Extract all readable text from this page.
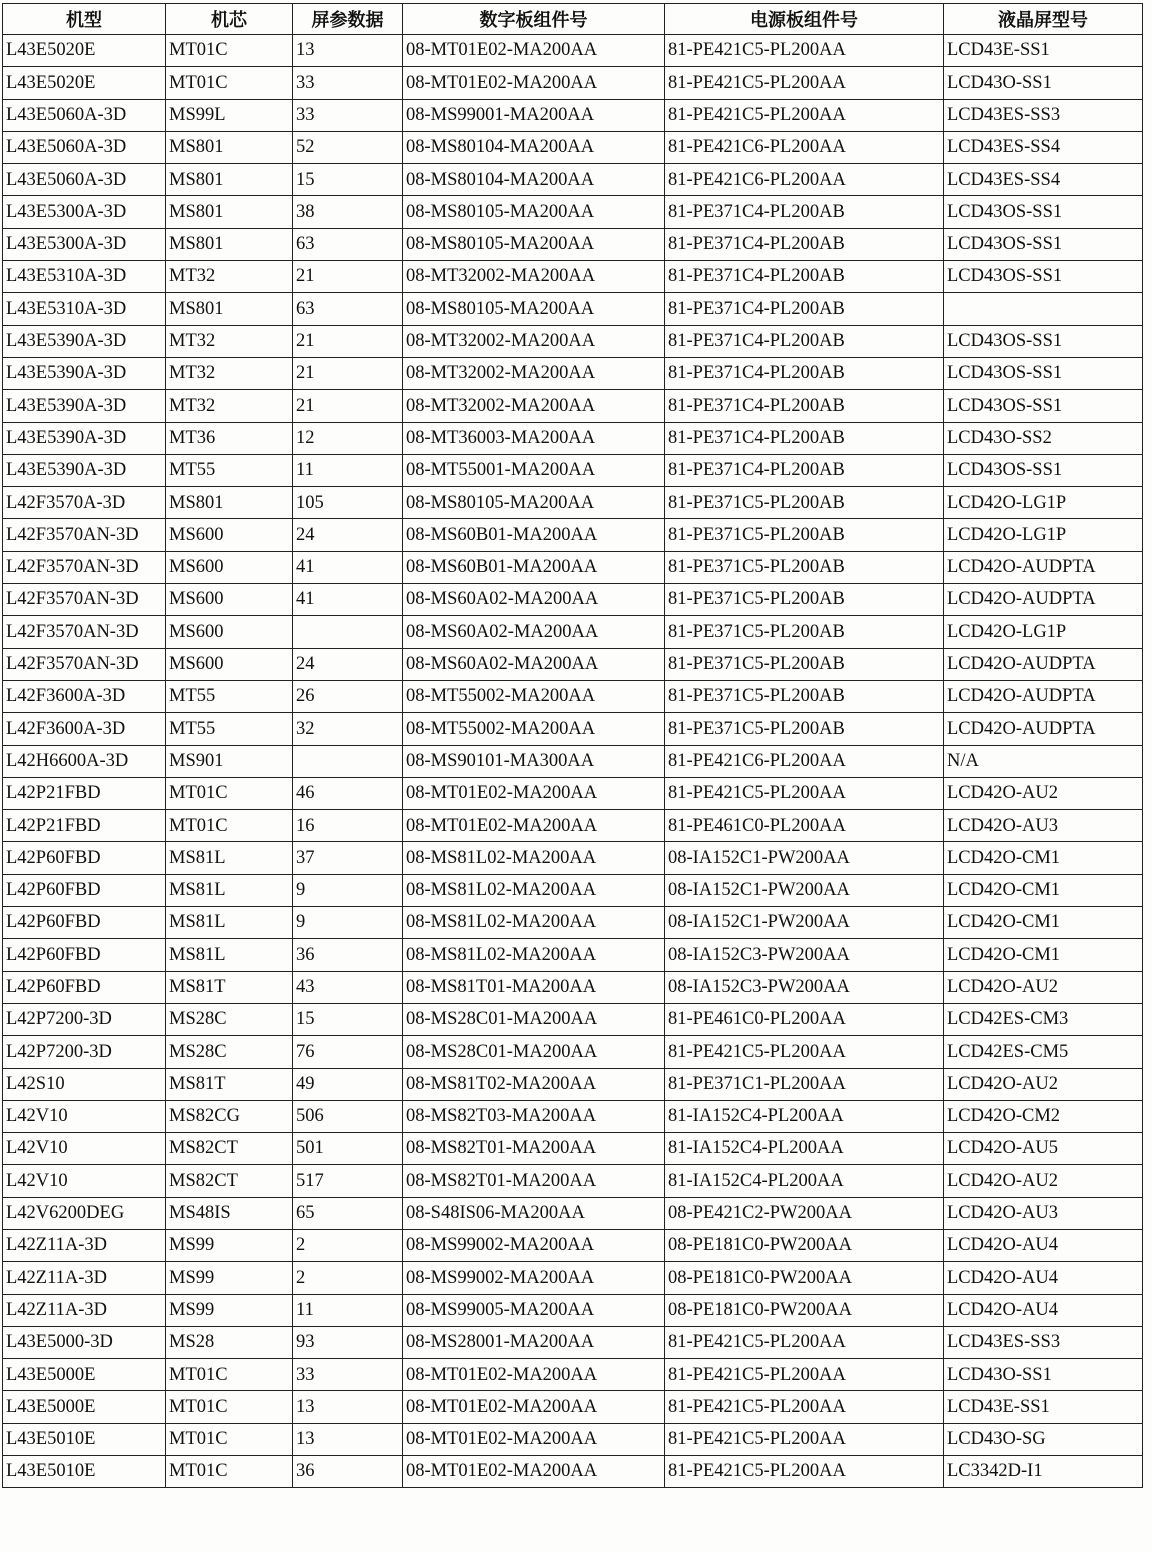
机型	机芯	屏参数据	数字板组件号	电源板组件号	液晶屏型号
L43E5020E	MT01C	13	08-MT01E02-MA200AA	81-PE421C5-PL200AA	LCD43E-SS1
L43E5020E	MT01C	33	08-MT01E02-MA200AA	81-PE421C5-PL200AA	LCD43O-SS1
L43E5060A-3D	MS99L	33	08-MS99001-MA200AA	81-PE421C5-PL200AA	LCD43ES-SS3
L43E5060A-3D	MS801	52	08-MS80104-MA200AA	81-PE421C6-PL200AA	LCD43ES-SS4
L43E5060A-3D	MS801	15	08-MS80104-MA200AA	81-PE421C6-PL200AA	LCD43ES-SS4
L43E5300A-3D	MS801	38	08-MS80105-MA200AA	81-PE371C4-PL200AB	LCD43OS-SS1
L43E5300A-3D	MS801	63	08-MS80105-MA200AA	81-PE371C4-PL200AB	LCD43OS-SS1
L43E5310A-3D	MT32	21	08-MT32002-MA200AA	81-PE371C4-PL200AB	LCD43OS-SS1
L43E5310A-3D	MS801	63	08-MS80105-MA200AA	81-PE371C4-PL200AB	
L43E5390A-3D	MT32	21	08-MT32002-MA200AA	81-PE371C4-PL200AB	LCD43OS-SS1
L43E5390A-3D	MT32	21	08-MT32002-MA200AA	81-PE371C4-PL200AB	LCD43OS-SS1
L43E5390A-3D	MT32	21	08-MT32002-MA200AA	81-PE371C4-PL200AB	LCD43OS-SS1
L43E5390A-3D	MT36	12	08-MT36003-MA200AA	81-PE371C4-PL200AB	LCD43O-SS2
L43E5390A-3D	MT55	11	08-MT55001-MA200AA	81-PE371C4-PL200AB	LCD43OS-SS1
L42F3570A-3D	MS801	105	08-MS80105-MA200AA	81-PE371C5-PL200AB	LCD42O-LG1P
L42F3570AN-3D	MS600	24	08-MS60B01-MA200AA	81-PE371C5-PL200AB	LCD42O-LG1P
L42F3570AN-3D	MS600	41	08-MS60B01-MA200AA	81-PE371C5-PL200AB	LCD42O-AUDPTA
L42F3570AN-3D	MS600	41	08-MS60A02-MA200AA	81-PE371C5-PL200AB	LCD42O-AUDPTA
L42F3570AN-3D	MS600		08-MS60A02-MA200AA	81-PE371C5-PL200AB	LCD42O-LG1P
L42F3570AN-3D	MS600	24	08-MS60A02-MA200AA	81-PE371C5-PL200AB	LCD42O-AUDPTA
L42F3600A-3D	MT55	26	08-MT55002-MA200AA	81-PE371C5-PL200AB	LCD42O-AUDPTA
L42F3600A-3D	MT55	32	08-MT55002-MA200AA	81-PE371C5-PL200AB	LCD42O-AUDPTA
L42H6600A-3D	MS901		08-MS90101-MA300AA	81-PE421C6-PL200AA	N/A
L42P21FBD	MT01C	46	08-MT01E02-MA200AA	81-PE421C5-PL200AA	LCD42O-AU2
L42P21FBD	MT01C	16	08-MT01E02-MA200AA	81-PE461C0-PL200AA	LCD42O-AU3
L42P60FBD	MS81L	37	08-MS81L02-MA200AA	08-IA152C1-PW200AA	LCD42O-CM1
L42P60FBD	MS81L	9	08-MS81L02-MA200AA	08-IA152C1-PW200AA	LCD42O-CM1
L42P60FBD	MS81L	9	08-MS81L02-MA200AA	08-IA152C1-PW200AA	LCD42O-CM1
L42P60FBD	MS81L	36	08-MS81L02-MA200AA	08-IA152C3-PW200AA	LCD42O-CM1
L42P60FBD	MS81T	43	08-MS81T01-MA200AA	08-IA152C3-PW200AA	LCD42O-AU2
L42P7200-3D	MS28C	15	08-MS28C01-MA200AA	81-PE461C0-PL200AA	LCD42ES-CM3
L42P7200-3D	MS28C	76	08-MS28C01-MA200AA	81-PE421C5-PL200AA	LCD42ES-CM5
L42S10	MS81T	49	08-MS81T02-MA200AA	81-PE371C1-PL200AA	LCD42O-AU2
L42V10	MS82CG	506	08-MS82T03-MA200AA	81-IA152C4-PL200AA	LCD42O-CM2
L42V10	MS82CT	501	08-MS82T01-MA200AA	81-IA152C4-PL200AA	LCD42O-AU5
L42V10	MS82CT	517	08-MS82T01-MA200AA	81-IA152C4-PL200AA	LCD42O-AU2
L42V6200DEG	MS48IS	65	08-S48IS06-MA200AA	08-PE421C2-PW200AA	LCD42O-AU3
L42Z11A-3D	MS99	2	08-MS99002-MA200AA	08-PE181C0-PW200AA	LCD42O-AU4
L42Z11A-3D	MS99	2	08-MS99002-MA200AA	08-PE181C0-PW200AA	LCD42O-AU4
L42Z11A-3D	MS99	11	08-MS99005-MA200AA	08-PE181C0-PW200AA	LCD42O-AU4
L43E5000-3D	MS28	93	08-MS28001-MA200AA	81-PE421C5-PL200AA	LCD43ES-SS3
L43E5000E	MT01C	33	08-MT01E02-MA200AA	81-PE421C5-PL200AA	LCD43O-SS1
L43E5000E	MT01C	13	08-MT01E02-MA200AA	81-PE421C5-PL200AA	LCD43E-SS1
L43E5010E	MT01C	13	08-MT01E02-MA200AA	81-PE421C5-PL200AA	LCD43O-SG
L43E5010E	MT01C	36	08-MT01E02-MA200AA	81-PE421C5-PL200AA	LC3342D-I1
